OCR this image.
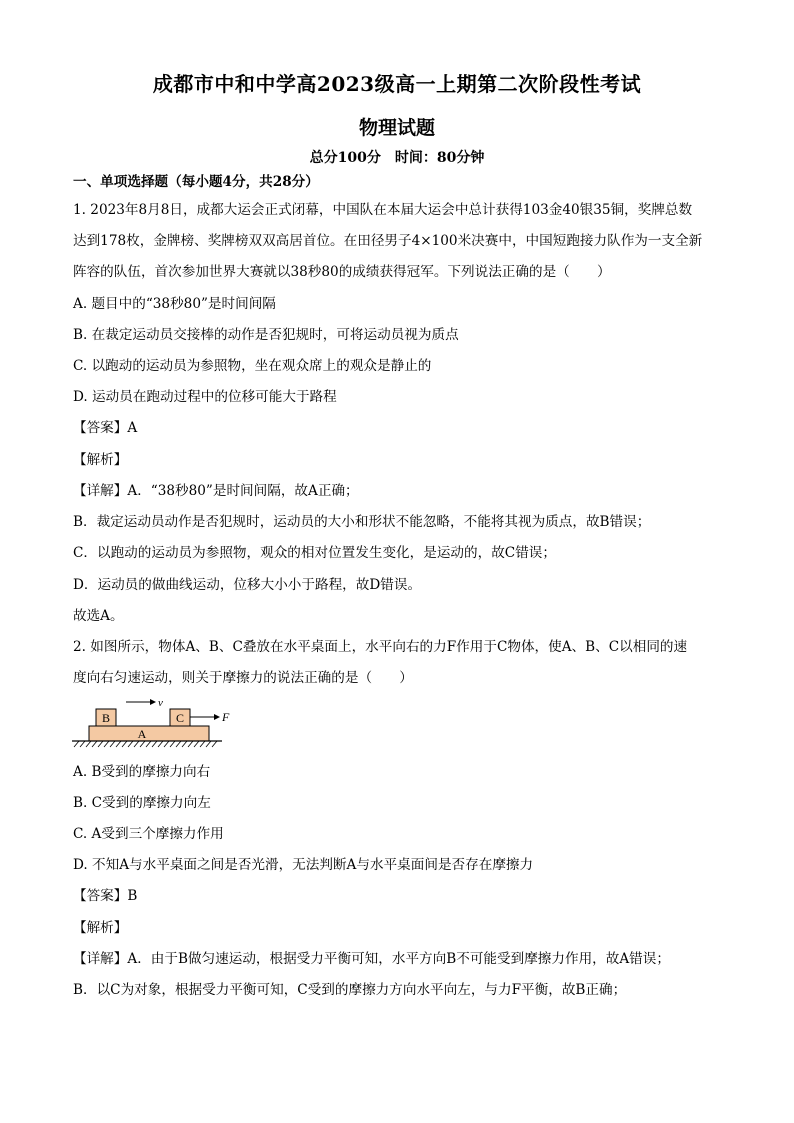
成都市中和中学高2023级高一上期第二次阶段性考试
物理试题
总分100分　时间：80分钟
一、单项选择题（每小题4分，共28分）
1. 2023年8月8日，成都大运会正式闭幕，中国队在本届大运会中总计获得103金40银35铜，奖牌总数
达到178枚，金牌榜、奖牌榜双双高居首位。在田径男子4×100米决赛中，中国短跑接力队作为一支全新
阵容的队伍，首次参加世界大赛就以38秒80的成绩获得冠军。下列说法正确的是（　　）
A. 题目中的“38秒80”是时间间隔
B. 在裁定运动员交接棒的动作是否犯规时，可将运动员视为质点
C. 以跑动的运动员为参照物，坐在观众席上的观众是静止的
D. 运动员在跑动过程中的位移可能大于路程
【答案】A
【解析】
【详解】A．“38秒80”是时间间隔，故A正确；
B．裁定运动员动作是否犯规时，运动员的大小和形状不能忽略，不能将其视为质点，故B错误；
C．以跑动的运动员为参照物，观众的相对位置发生变化，是运动的，故C错误；
D．运动员的做曲线运动，位移大小小于路程，故D错误。
故选A。
2. 如图所示，物体A、B、C叠放在水平桌面上，水平向右的力F作用于C物体，使A、B、C以相同的速
度向右匀速运动，则关于摩擦力的说法正确的是（　　）
v
B	C	F
A
A. B受到的摩擦力向右
B. C受到的摩擦力向左
C. A受到三个摩擦力作用
D. 不知A与水平桌面之间是否光滑，无法判断A与水平桌面间是否存在摩擦力
【答案】B
【解析】
【详解】A．由于B做匀速运动，根据受力平衡可知，水平方向B不可能受到摩擦力作用，故A错误；
B．以C为对象，根据受力平衡可知，C受到的摩擦力方向水平向左，与力F平衡，故B正确；
